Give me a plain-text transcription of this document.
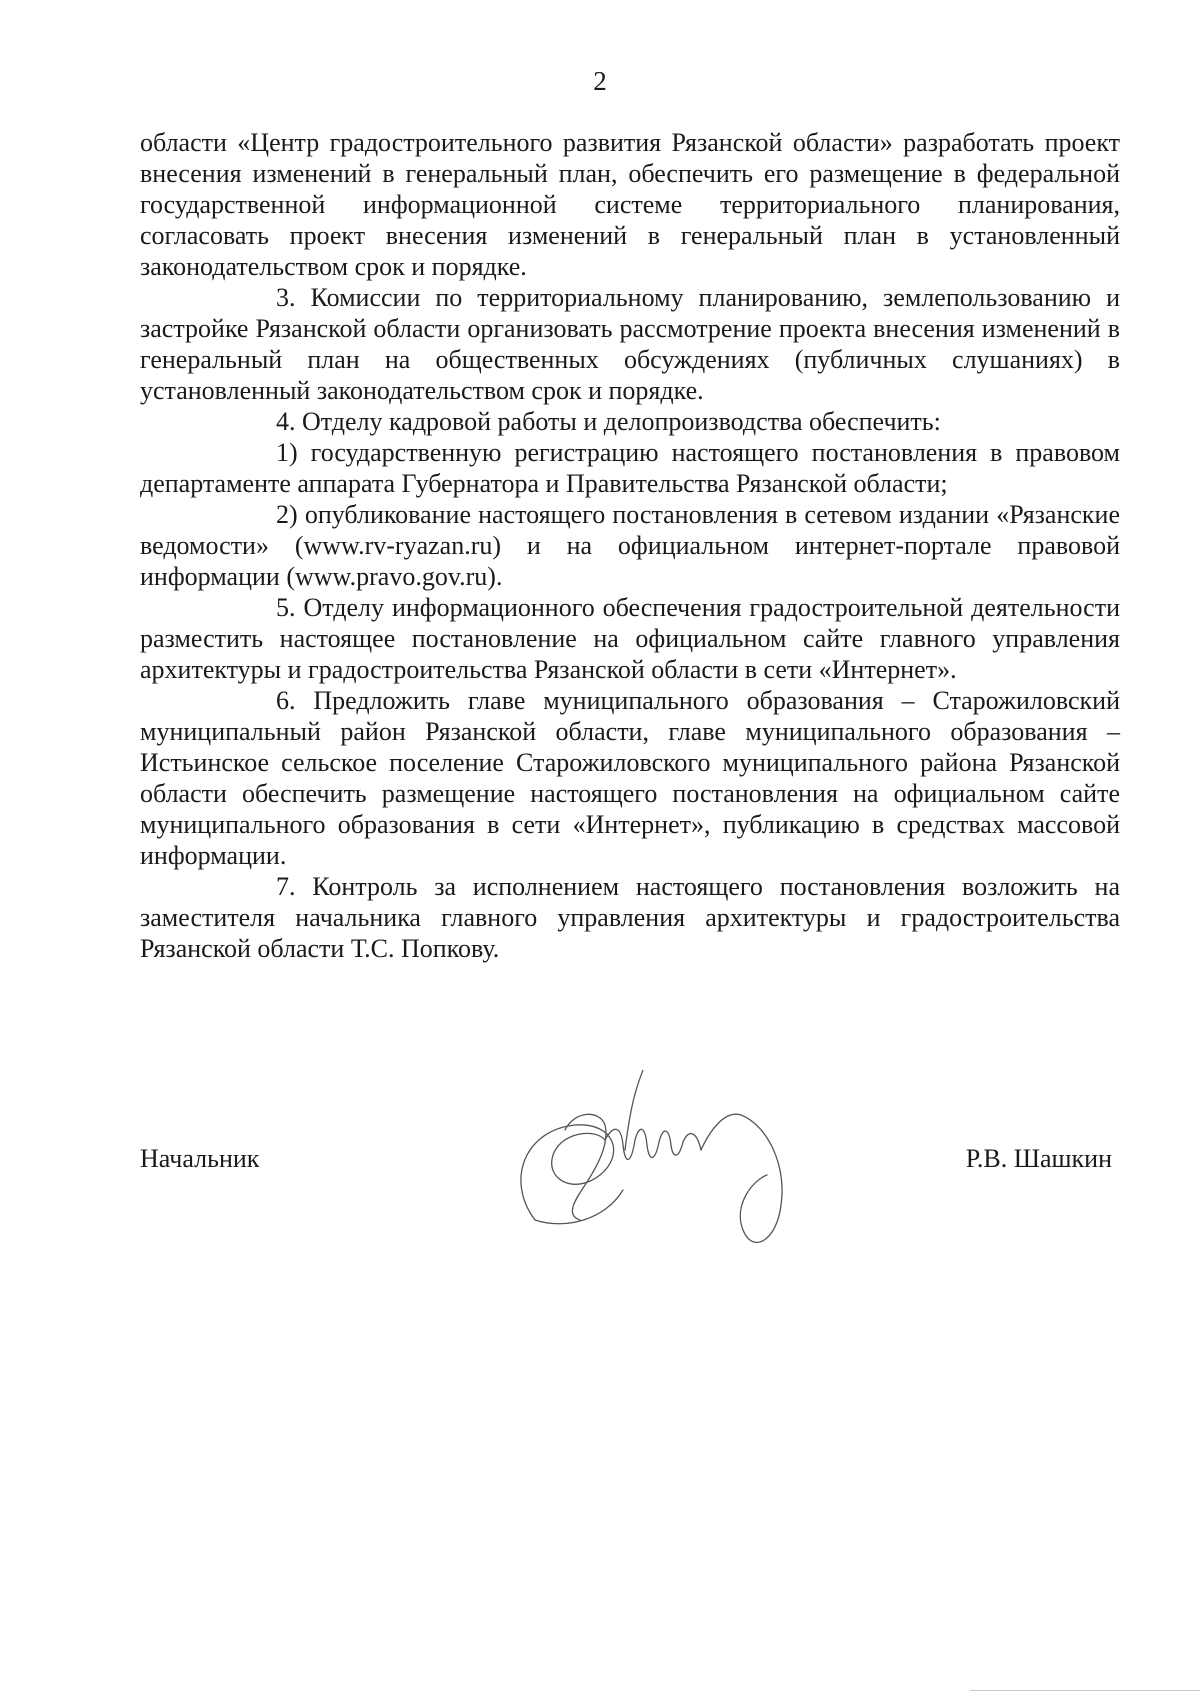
2

области «Центр градостроительного развития Рязанской области» разработать проект внесения изменений в генеральный план, обеспечить его размещение в федеральной государственной информационной системе территориального планирования, согласовать проект внесения изменений в генеральный план в установленный законодательством срок и порядке.

3. Комиссии по территориальному планированию, землепользованию и застройке Рязанской области организовать рассмотрение проекта внесения изменений в генеральный план на общественных обсуждениях (публичных слушаниях) в установленный законодательством срок и порядке.

4. Отделу кадровой работы и делопроизводства обеспечить:

1) государственную регистрацию настоящего постановления в правовом департаменте аппарата Губернатора и Правительства Рязанской области;

2) опубликование настоящего постановления в сетевом издании «Рязанские ведомости» (www.rv-ryazan.ru) и на официальном интернет-портале правовой информации (www.pravo.gov.ru).

5. Отделу информационного обеспечения градостроительной деятельности разместить настоящее постановление на официальном сайте главного управления архитектуры и градостроительства Рязанской области в сети «Интернет».

6. Предложить главе муниципального образования – Старожиловский муниципальный район Рязанской области, главе муниципального образования – Истьинское сельское поселение Старожиловского муниципального района Рязанской области обеспечить размещение настоящего постановления на официальном сайте муниципального образования в сети «Интернет», публикацию в средствах массовой информации.

7. Контроль за исполнением настоящего постановления возложить на заместителя начальника главного управления архитектуры и градостроительства Рязанской области Т.С. Попкову.

Начальник	Р.В. Шашкин
